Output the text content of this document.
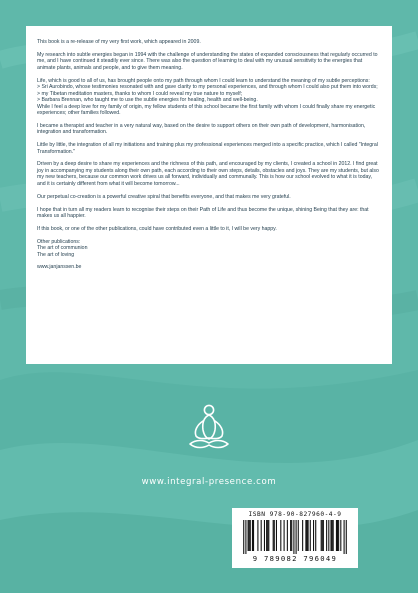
This book is a re-release of my very first work, which appeared in 2009.

My research into subtle energies began in 1994 with the challenge of understanding the states of expanded consciousness that regularly occurred to me, and I have continued it steadily ever since. There was also the question of learning to deal with my unusual sensitivity to the energies that animate plants, animals and people, and to give them meaning.

Life, which is good to all of us, has brought people onto my path through whom I could learn to understand the meaning of my subtle perceptions:
> Sri Aurobindo, whose testimonies resonated with and gave clarity to my personal experiences, and through whom I could also put them into words;
> my Tibetan meditation masters, thanks to whom I could reveal my true nature to myself;
> Barbara Brennan, who taught me to use the subtle energies for healing, health and well-being.
While I feel a deep love for my family of origin, my fellow students of this school became the first family with whom I could finally share my energetic experiences; other families followed.

I became a therapist and teacher in a very natural way, based on the desire to support others on their own path of development, harmonisation, integration and transformation.

Little by little, the integration of all my initiations and training plus my professional experiences merged into a specific practice, which I called "Integral Transformation."

Driven by a deep desire to share my experiences and the richness of this path, and encouraged by my clients, I created a school in 2012. I find great joy in accompanying my students along their own path, each according to their own steps, details, obstacles and joys. They are my students, but also my new teachers, because our common work drives us all forward, individually and communally. This is how our school evolved to what it is today, and it is certainly different from what it will become tomorrow...

Our perpetual co-creation is a powerful creative spiral that benefits everyone, and that makes me very grateful.

I hope that in turn all my readers learn to recognise their steps on their Path of Life and thus become the unique, shining Being that they are: that makes us all happier.

If this book, or one of the other publications, could have contributed even a little to it, I will be very happy.

Other publications:

The art of communion

The art of loving

www.janjanssen.be

www.integral-presence.com
ISBN 978-90-827960-4-9
9 789082 796049
